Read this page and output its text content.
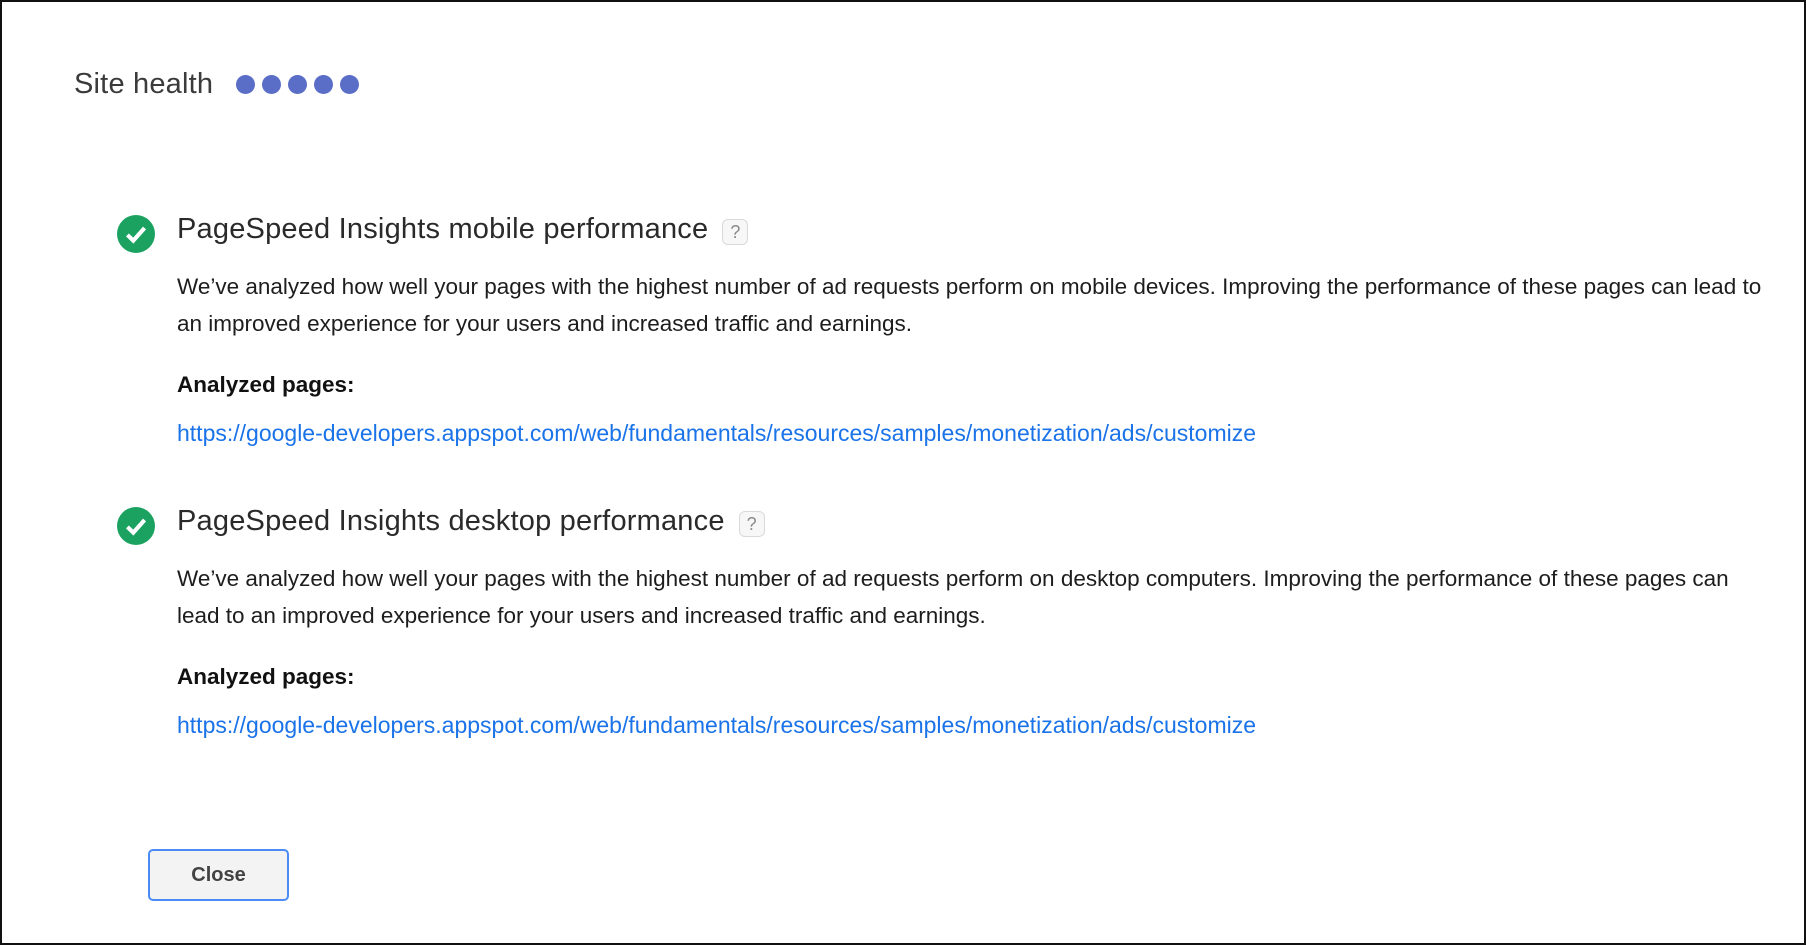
Site health
PageSpeed Insights mobile performance	?

We’ve analyzed how well your pages with the highest number of ad requests perform on mobile devices. Improving the performance of these pages can lead to an improved experience for your users and increased traffic and earnings.

Analyzed pages:

https://google-developers.appspot.com/web/fundamentals/resources/samples/monetization/ads/customize
PageSpeed Insights desktop performance	?

We’ve analyzed how well your pages with the highest number of ad requests perform on desktop computers. Improving the performance of these pages can lead to an improved experience for your users and increased traffic and earnings.

Analyzed pages:

https://google-developers.appspot.com/web/fundamentals/resources/samples/monetization/ads/customize
Close
